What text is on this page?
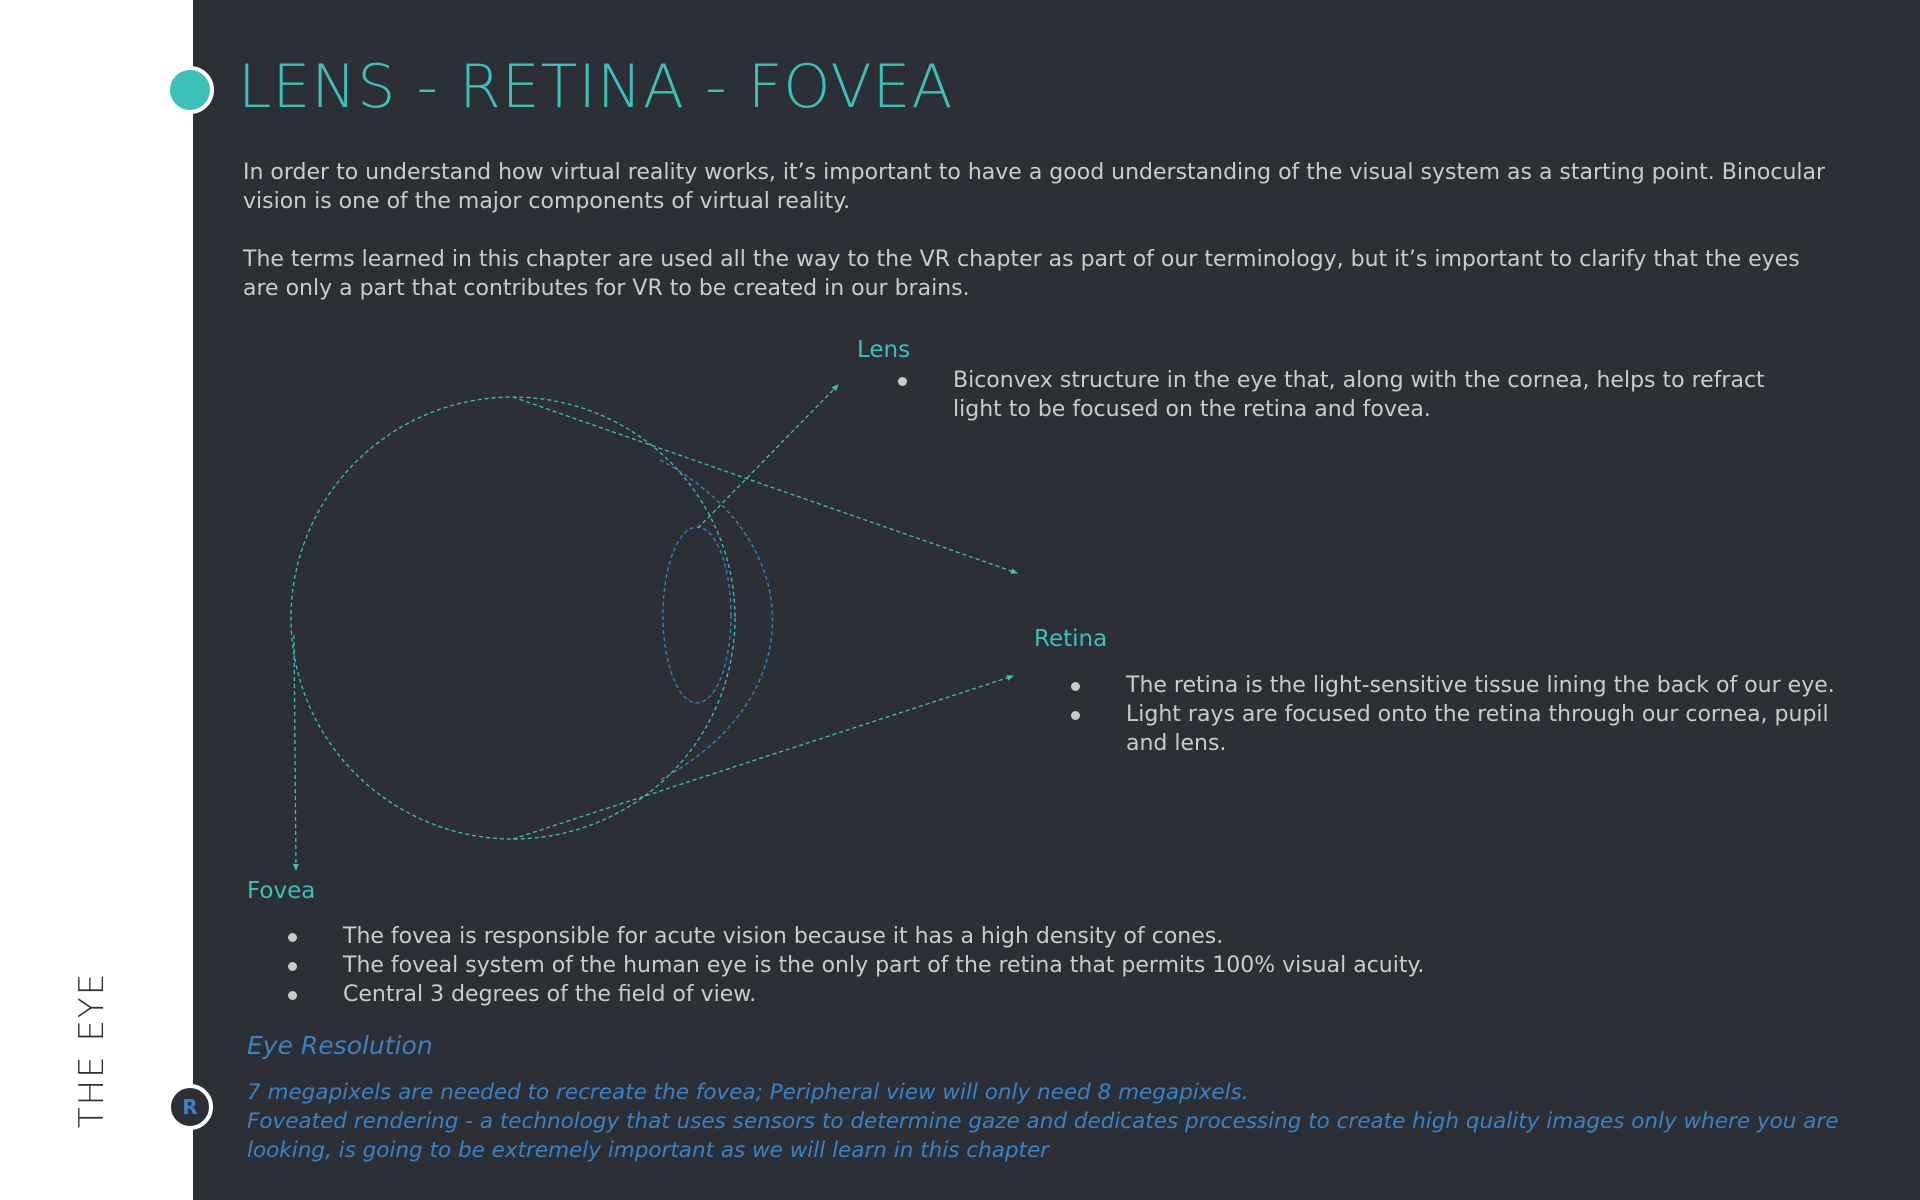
THE EYE	R
LENS - RETINA - FOVEA

In order to understand how virtual reality works, it’s important to have a good understanding of the visual system as a starting point. Binocular vision is one of the major components of virtual reality.

The terms learned in this chapter are used all the way to the VR chapter as part of our terminology, but it’s important to clarify that the eyes are only a part that contributes for VR to be created in our brains.

Lens
Biconvex structure in the eye that, along with the cornea, helps to refract light to be focused on the retina and fovea.
Retina
The retina is the light-sensitive tissue lining the back of our eye.
Light rays are focused onto the retina through our cornea, pupil and lens.
Fovea
The fovea is responsible for acute vision because it has a high density of cones.
The foveal system of the human eye is the only part of the retina that permits 100% visual acuity.
Central 3 degrees of the field of view.
Eye Resolution

7 megapixels are needed to recreate the fovea; Peripheral view will only need 8 megapixels.

Foveated rendering - a technology that uses sensors to determine gaze and dedicates processing to create high quality images only where you are looking, is going to be extremely important as we will learn in this chapter
